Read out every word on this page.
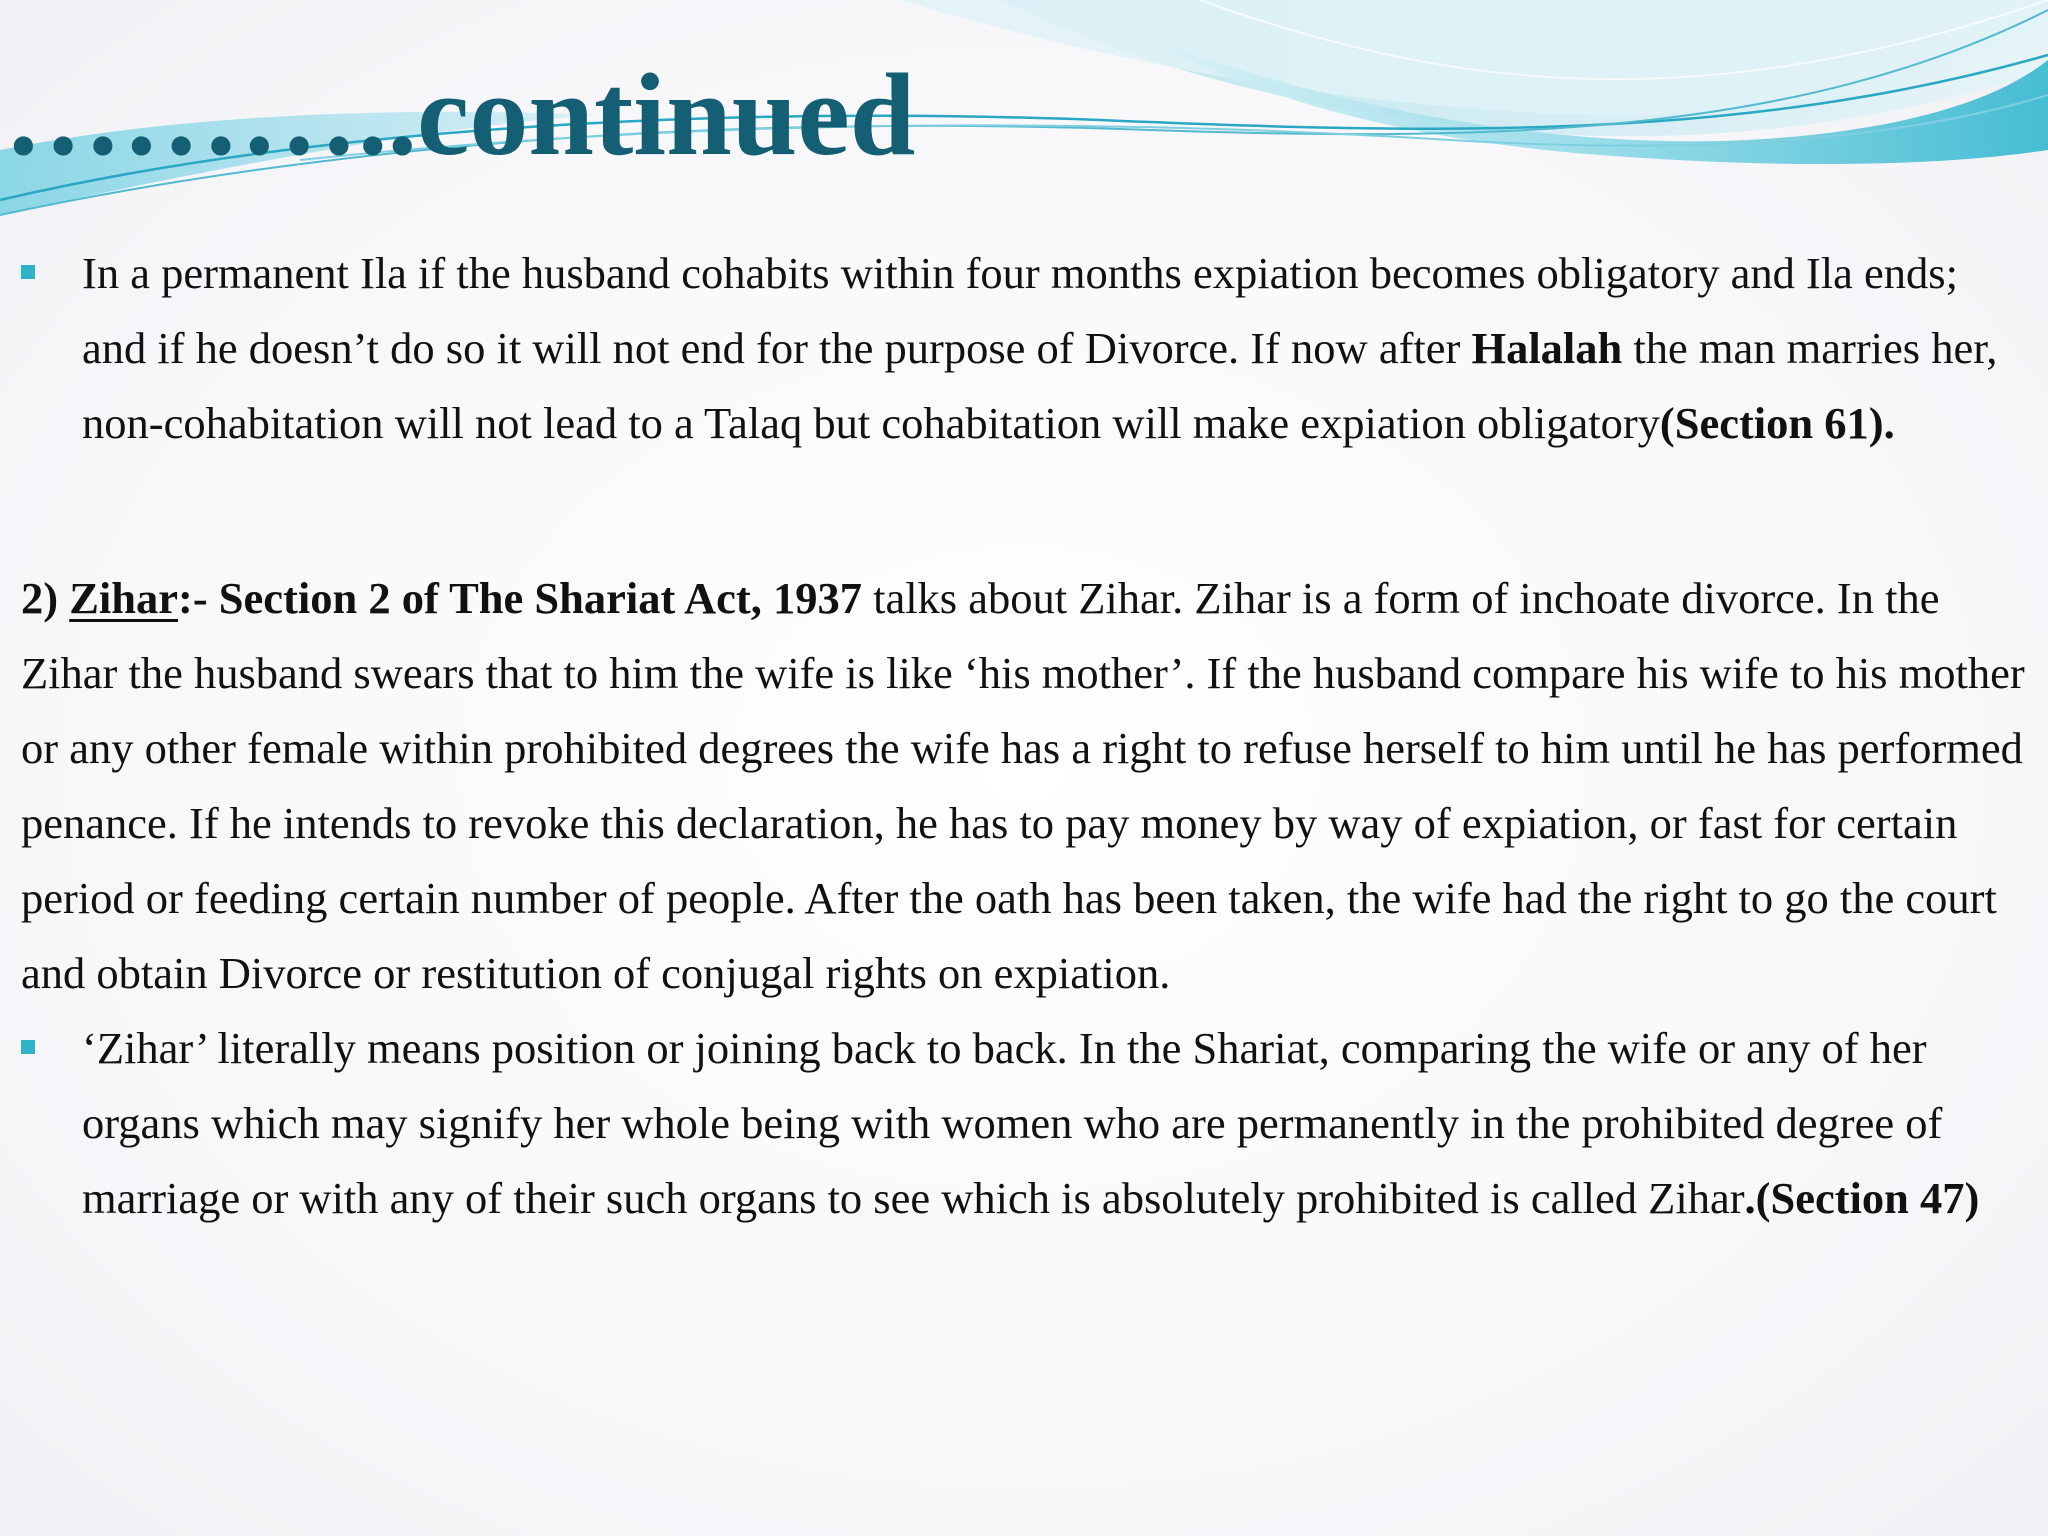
………..continued

In a permanent Ila if the husband cohabits within four months expiation becomes obligatory and Ila ends; and if he doesn’t do so it will not end for the purpose of Divorce. If now after Halalah the man marries her, non-cohabitation will not lead to a Talaq but cohabitation will make expiation obligatory(Section 61).

2) Zihar:- Section 2 of The Shariat Act, 1937 talks about Zihar. Zihar is a form of inchoate divorce. In the Zihar the husband swears that to him the wife is like ‘his mother’. If the husband compare his wife to his mother or any other female within prohibited degrees the wife has a right to refuse herself to him until he has performed penance. If he intends to revoke this declaration, he has to pay money by way of expiation, or fast for certain period or feeding certain number of people. After the oath has been taken, the wife had the right to go the court and obtain Divorce or restitution of conjugal rights on expiation.

‘Zihar’ literally means position or joining back to back. In the Shariat, comparing the wife or any of her organs which may signify her whole being with women who are permanently in the prohibited degree of marriage or with any of their such organs to see which is absolutely prohibited is called Zihar.(Section 47)
